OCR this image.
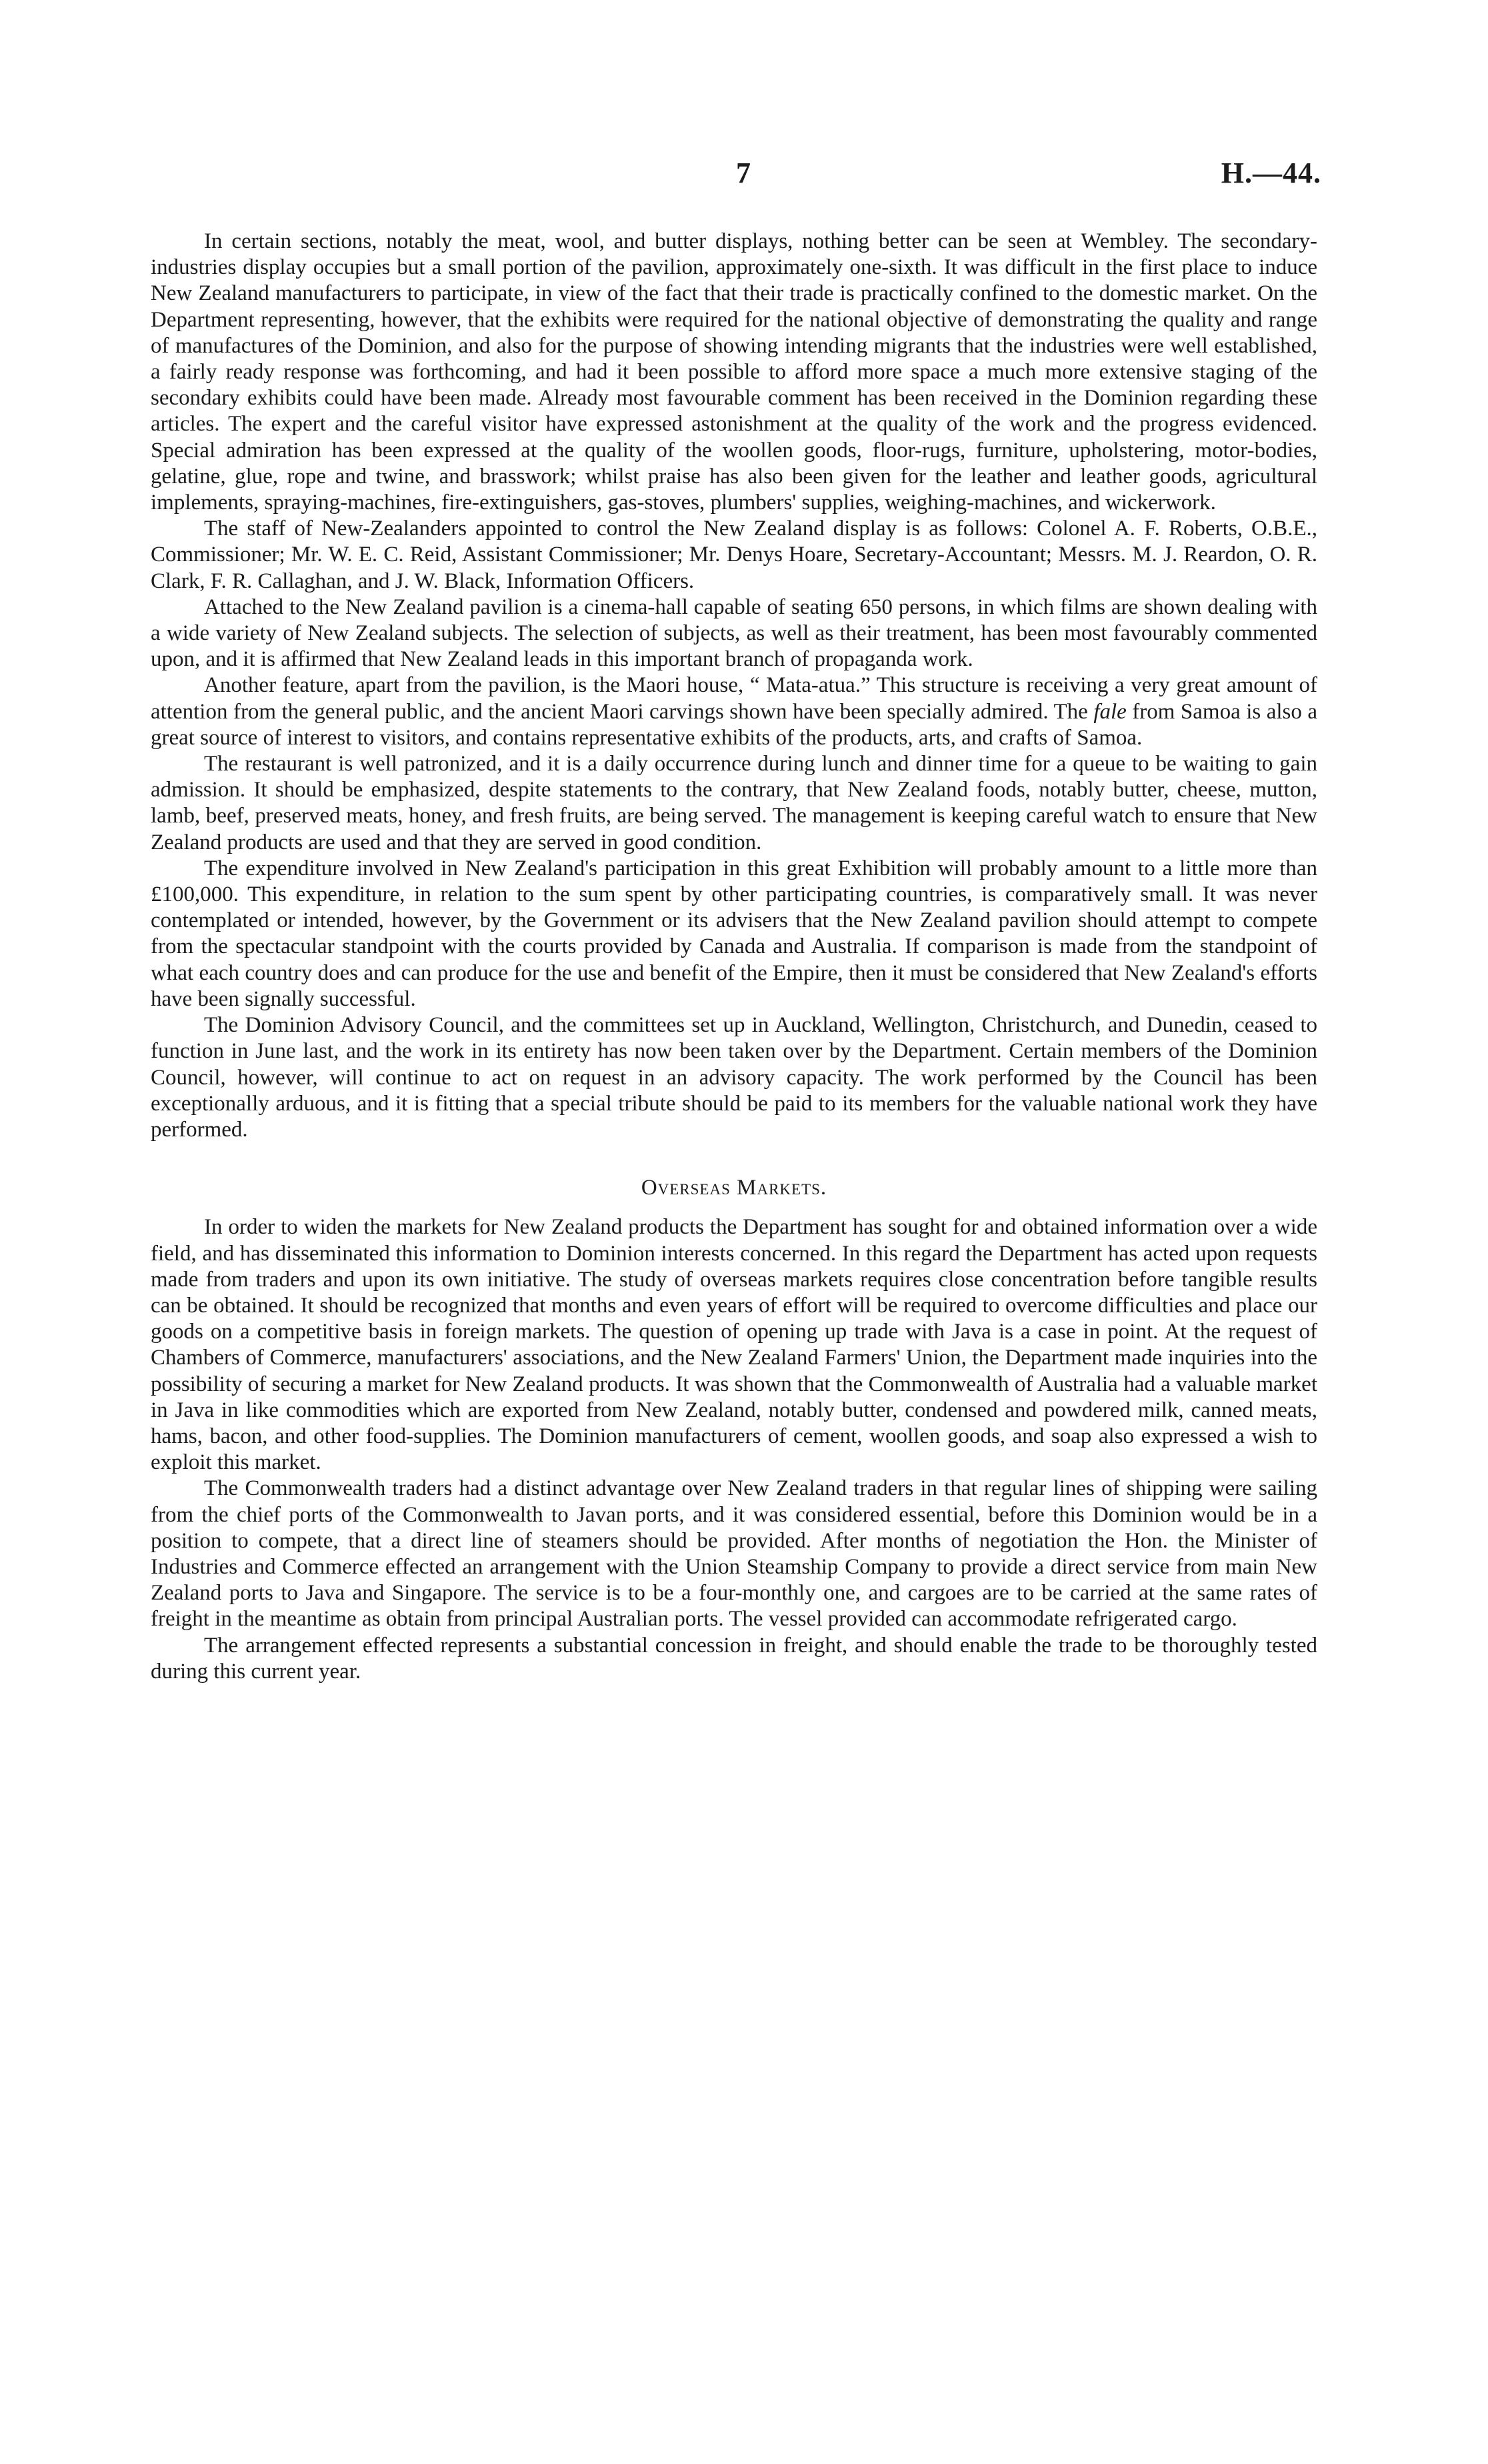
7	H.—44.

In certain sections, notably the meat, wool, and butter displays, nothing better can be seen at Wembley. The secondary-industries display occupies but a small portion of the pavilion, approximately one-sixth. It was difficult in the first place to induce New Zealand manufacturers to participate, in view of the fact that their trade is practically confined to the domestic market. On the Department representing, however, that the exhibits were required for the national objective of demonstrating the quality and range of manufactures of the Dominion, and also for the purpose of showing intending migrants that the industries were well established, a fairly ready response was forthcoming, and had it been possible to afford more space a much more extensive staging of the secondary exhibits could have been made. Already most favourable comment has been received in the Dominion regarding these articles. The expert and the careful visitor have expressed astonishment at the quality of the work and the progress evidenced. Special admiration has been expressed at the quality of the woollen goods, floor-rugs, furniture, upholstering, motor-bodies, gelatine, glue, rope and twine, and brasswork; whilst praise has also been given for the leather and leather goods, agricultural implements, spraying-machines, fire-extinguishers, gas-stoves, plumbers' supplies, weighing-machines, and wickerwork.

The staff of New-Zealanders appointed to control the New Zealand display is as follows: Colonel A. F. Roberts, O.B.E., Commissioner; Mr. W. E. C. Reid, Assistant Commissioner; Mr. Denys Hoare, Secretary-Accountant; Messrs. M. J. Reardon, O. R. Clark, F. R. Callaghan, and J. W. Black, Information Officers.

Attached to the New Zealand pavilion is a cinema-hall capable of seating 650 persons, in which films are shown dealing with a wide variety of New Zealand subjects. The selection of subjects, as well as their treatment, has been most favourably commented upon, and it is affirmed that New Zealand leads in this important branch of propaganda work.

Another feature, apart from the pavilion, is the Maori house, “ Mata-atua.” This structure is receiving a very great amount of attention from the general public, and the ancient Maori carvings shown have been specially admired. The fale from Samoa is also a great source of interest to visitors, and contains representative exhibits of the products, arts, and crafts of Samoa.

The restaurant is well patronized, and it is a daily occurrence during lunch and dinner time for a queue to be waiting to gain admission. It should be emphasized, despite statements to the contrary, that New Zealand foods, notably butter, cheese, mutton, lamb, beef, preserved meats, honey, and fresh fruits, are being served. The management is keeping careful watch to ensure that New Zealand products are used and that they are served in good condition.

The expenditure involved in New Zealand's participation in this great Exhibition will probably amount to a little more than £100,000. This expenditure, in relation to the sum spent by other participating countries, is comparatively small. It was never contemplated or intended, however, by the Government or its advisers that the New Zealand pavilion should attempt to compete from the spectacular standpoint with the courts provided by Canada and Australia. If comparison is made from the standpoint of what each country does and can produce for the use and benefit of the Empire, then it must be considered that New Zealand's efforts have been signally successful.

The Dominion Advisory Council, and the committees set up in Auckland, Wellington, Christchurch, and Dunedin, ceased to function in June last, and the work in its entirety has now been taken over by the Department. Certain members of the Dominion Council, however, will continue to act on request in an advisory capacity. The work performed by the Council has been exceptionally arduous, and it is fitting that a special tribute should be paid to its members for the valuable national work they have performed.

Overseas Markets.

In order to widen the markets for New Zealand products the Department has sought for and obtained information over a wide field, and has disseminated this information to Dominion interests concerned. In this regard the Department has acted upon requests made from traders and upon its own initiative. The study of overseas markets requires close concentration before tangible results can be obtained. It should be recognized that months and even years of effort will be required to overcome difficulties and place our goods on a competitive basis in foreign markets. The question of opening up trade with Java is a case in point. At the request of Chambers of Commerce, manufacturers' associations, and the New Zealand Farmers' Union, the Department made inquiries into the possibility of securing a market for New Zealand products. It was shown that the Commonwealth of Australia had a valuable market in Java in like commodities which are exported from New Zealand, notably butter, condensed and powdered milk, canned meats, hams, bacon, and other food-supplies. The Dominion manufacturers of cement, woollen goods, and soap also expressed a wish to exploit this market.

The Commonwealth traders had a distinct advantage over New Zealand traders in that regular lines of shipping were sailing from the chief ports of the Commonwealth to Javan ports, and it was considered essential, before this Dominion would be in a position to compete, that a direct line of steamers should be provided. After months of negotiation the Hon. the Minister of Industries and Commerce effected an arrangement with the Union Steamship Company to provide a direct service from main New Zealand ports to Java and Singapore. The service is to be a four-monthly one, and cargoes are to be carried at the same rates of freight in the meantime as obtain from principal Australian ports. The vessel provided can accommodate refrigerated cargo.

The arrangement effected represents a substantial concession in freight, and should enable the trade to be thoroughly tested during this current year.
